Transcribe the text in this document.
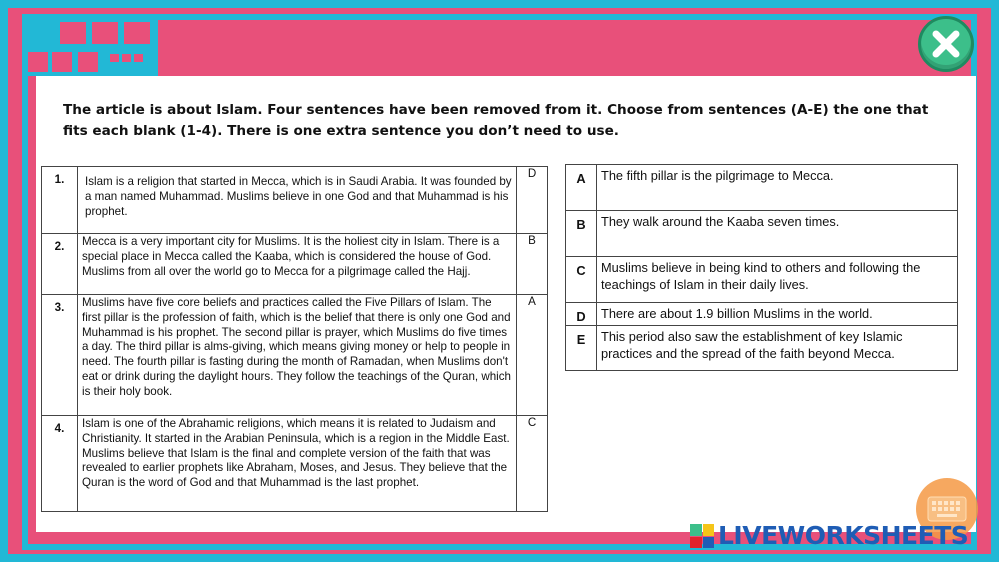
The article is about Islam. Four sentences have been removed from it. Choose from sentences (A-E) the one that fits each blank (1-4). There is one extra sentence you don’t need to use.
1.	Islam is a religion that started in Mecca, which is in Saudi Arabia. It was founded by a man named Muhammad. Muslims believe in one God and that Muhammad is his prophet.	D
2.	Mecca is a very important city for Muslims. It is the holiest city in Islam. There is a special place in Mecca called the Kaaba, which is considered the house of God. Muslims from all over the world go to Mecca for a pilgrimage called the Hajj.	B
3.	Muslims have five core beliefs and practices called the Five Pillars of Islam. The first pillar is the profession of faith, which is the belief that there is only one God and Muhammad is his prophet. The second pillar is prayer, which Muslims do five times a day. The third pillar is alms-giving, which means giving money or help to people in need. The fourth pillar is fasting during the month of Ramadan, when Muslims don't eat or drink during the daylight hours. They follow the teachings of the Quran, which is their holy book.	A
4.	Islam is one of the Abrahamic religions, which means it is related to Judaism and Christianity. It started in the Arabian Peninsula, which is a region in the Middle East. Muslims believe that Islam is the final and complete version of the faith that was revealed to earlier prophets like Abraham, Moses, and Jesus. They believe that the Quran is the word of God and that Muhammad is the last prophet.	C
A	The fifth pillar is the pilgrimage to Mecca.
B	They walk around the Kaaba seven times.
C	Muslims believe in being kind to others and following the teachings of Islam in their daily lives.
D	There are about 1.9 billion Muslims in the world.
E	This period also saw the establishment of key Islamic practices and the spread of the faith beyond Mecca.
LIVEWORKSHEETS
